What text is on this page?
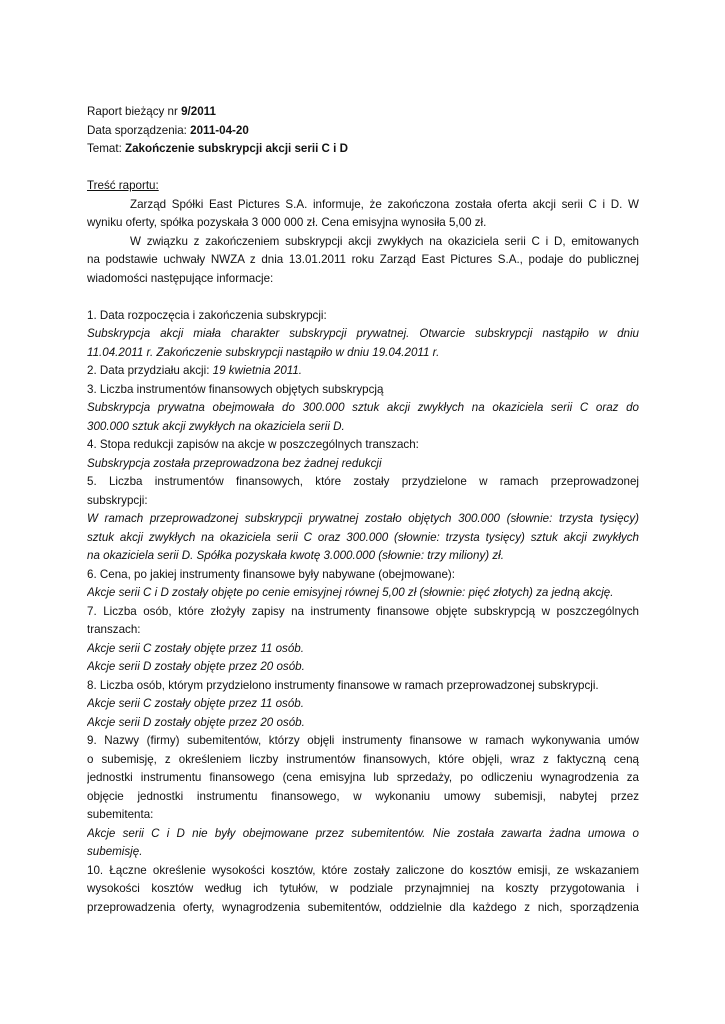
Raport bieżący nr 9/2011
Data sporządzenia: 2011-04-20
Temat: Zakończenie subskrypcji akcji serii C i D
Treść raportu:
Zarząd Spółki East Pictures S.A. informuje, że zakończona została oferta akcji serii C i D. W
wyniku oferty, spółka pozyskała 3 000 000 zł. Cena emisyjna wynosiła 5,00 zł.
W związku z zakończeniem subskrypcji akcji zwykłych na okaziciela serii C i D, emitowanych
na podstawie uchwały NWZA z dnia 13.01.2011 roku Zarząd East Pictures S.A., podaje do publicznej
wiadomości następujące informacje:
1. Data rozpoczęcia i zakończenia subskrypcji:
Subskrypcja akcji miała charakter subskrypcji prywatnej. Otwarcie subskrypcji nastąpiło w dniu
11.04.2011 r. Zakończenie subskrypcji nastąpiło w dniu 19.04.2011 r.
2. Data przydziału akcji: 19 kwietnia 2011.
3. Liczba instrumentów finansowych objętych subskrypcją
Subskrypcja prywatna obejmowała do 300.000 sztuk akcji zwykłych na okaziciela serii C oraz do
300.000 sztuk akcji zwykłych na okaziciela serii D.
4. Stopa redukcji zapisów na akcje w poszczególnych transzach:
Subskrypcja została przeprowadzona bez żadnej redukcji
5. Liczba instrumentów finansowych, które zostały przydzielone w ramach przeprowadzonej
subskrypcji:
W ramach przeprowadzonej subskrypcji prywatnej zostało objętych 300.000 (słownie: trzysta tysięcy)
sztuk akcji zwykłych na okaziciela serii C oraz 300.000 (słownie: trzysta tysięcy) sztuk akcji zwykłych
na okaziciela serii D. Spółka pozyskała kwotę 3.000.000 (słownie: trzy miliony) zł.
6. Cena, po jakiej instrumenty finansowe były nabywane (obejmowane):
Akcje serii C i D zostały objęte po cenie emisyjnej równej 5,00 zł (słownie: pięć złotych) za jedną akcję.
7. Liczba osób, które złożyły zapisy na instrumenty finansowe objęte subskrypcją w poszczególnych
transzach:
Akcje serii C zostały objęte przez 11 osób.
Akcje serii D zostały objęte przez 20 osób.
8. Liczba osób, którym przydzielono instrumenty finansowe w ramach przeprowadzonej subskrypcji.
Akcje serii C zostały objęte przez 11 osób.
Akcje serii D zostały objęte przez 20 osób.
9. Nazwy (firmy) subemitentów, którzy objęli instrumenty finansowe w ramach wykonywania umów
o subemisję, z określeniem liczby instrumentów finansowych, które objęli, wraz z faktyczną ceną
jednostki instrumentu finansowego (cena emisyjna lub sprzedaży, po odliczeniu wynagrodzenia za
objęcie jednostki instrumentu finansowego, w wykonaniu umowy subemisji, nabytej przez
subemitenta:
Akcje serii C i D nie były obejmowane przez subemitentów. Nie została zawarta żadna umowa o
subemisję.
10. Łączne określenie wysokości kosztów, które zostały zaliczone do kosztów emisji, ze wskazaniem
wysokości kosztów według ich tytułów, w podziale przynajmniej na koszty przygotowania i
przeprowadzenia oferty, wynagrodzenia subemitentów, oddzielnie dla każdego z nich, sporządzenia
